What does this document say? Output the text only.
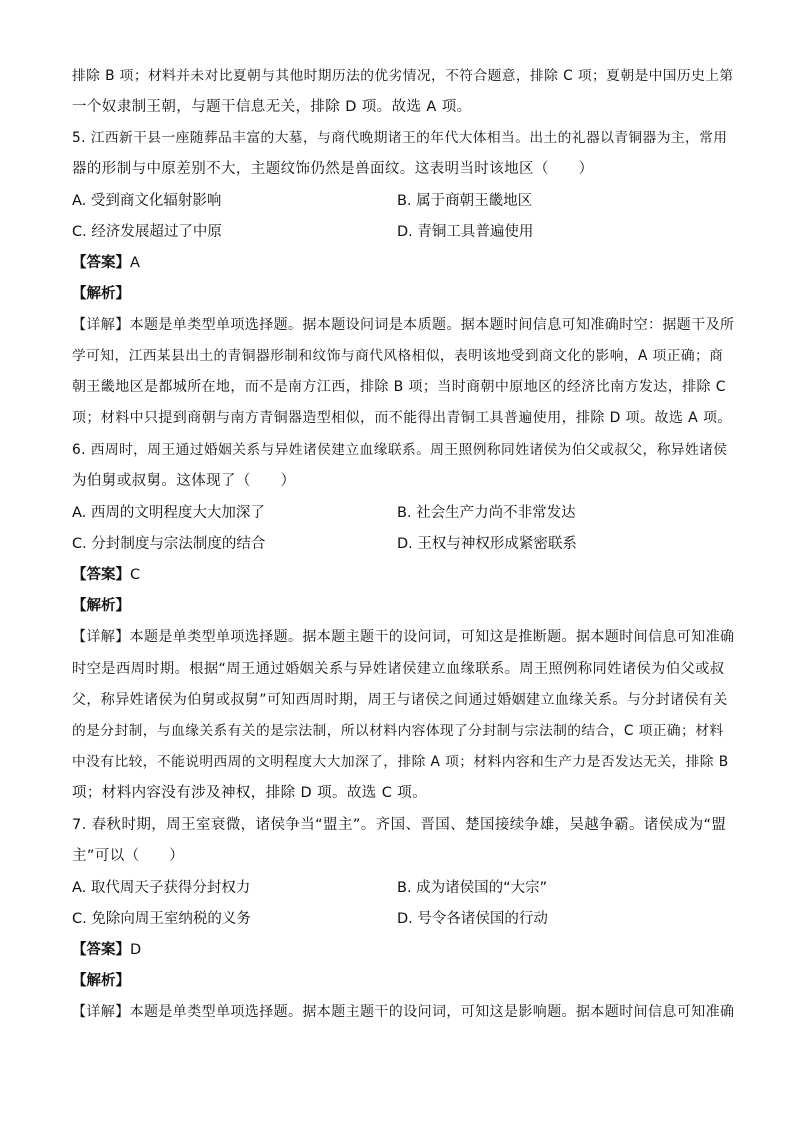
排除 B 项；材料并未对比夏朝与其他时期历法的优劣情况，不符合题意，排除 C 项；夏朝是中国历史上第
一个奴隶制王朝，与题干信息无关，排除 D 项。故选 A 项。
5. 江西新干县一座随葬品丰富的大墓，与商代晚期诸王的年代大体相当。出土的礼器以青铜器为主，常用
器的形制与中原差别不大，主题纹饰仍然是兽面纹。这表明当时该地区（　　）
A. 受到商文化辐射影响	B. 属于商朝王畿地区
C. 经济发展超过了中原	D. 青铜工具普遍使用
【答案】A
【解析】
【详解】本题是单类型单项选择题。据本题设问词是本质题。据本题时间信息可知准确时空：据题干及所
学可知，江西某县出土的青铜器形制和纹饰与商代风格相似，表明该地受到商文化的影响，A 项正确；商
朝王畿地区是都城所在地，而不是南方江西，排除 B 项；当时商朝中原地区的经济比南方发达，排除 C
项；材料中只提到商朝与南方青铜器造型相似，而不能得出青铜工具普遍使用，排除 D 项。故选 A 项。
6. 西周时，周王通过婚姻关系与异姓诸侯建立血缘联系。周王照例称同姓诸侯为伯父或叔父，称异姓诸侯
为伯舅或叔舅。这体现了（　　）
A. 西周的文明程度大大加深了	B. 社会生产力尚不非常发达
C. 分封制度与宗法制度的结合	D. 王权与神权形成紧密联系
【答案】C
【解析】
【详解】本题是单类型单项选择题。据本题主题干的设问词，可知这是推断题。据本题时间信息可知准确
时空是西周时期。根据“周王通过婚姻关系与异姓诸侯建立血缘联系。周王照例称同姓诸侯为伯父或叔
父，称异姓诸侯为伯舅或叔舅”可知西周时期，周王与诸侯之间通过婚姻建立血缘关系。与分封诸侯有关
的是分封制，与血缘关系有关的是宗法制，所以材料内容体现了分封制与宗法制的结合，C 项正确；材料
中没有比较，不能说明西周的文明程度大大加深了，排除 A 项；材料内容和生产力是否发达无关，排除 B
项；材料内容没有涉及神权，排除 D 项。故选 C 项。
7. 春秋时期，周王室衰微，诸侯争当“盟主”。齐国、晋国、楚国接续争雄，吴越争霸。诸侯成为“盟
主”可以（　　）
A. 取代周天子获得分封权力	B. 成为诸侯国的“大宗”
C. 免除向周王室纳税的义务	D. 号令各诸侯国的行动
【答案】D
【解析】
【详解】本题是单类型单项选择题。据本题主题干的设问词，可知这是影响题。据本题时间信息可知准确
